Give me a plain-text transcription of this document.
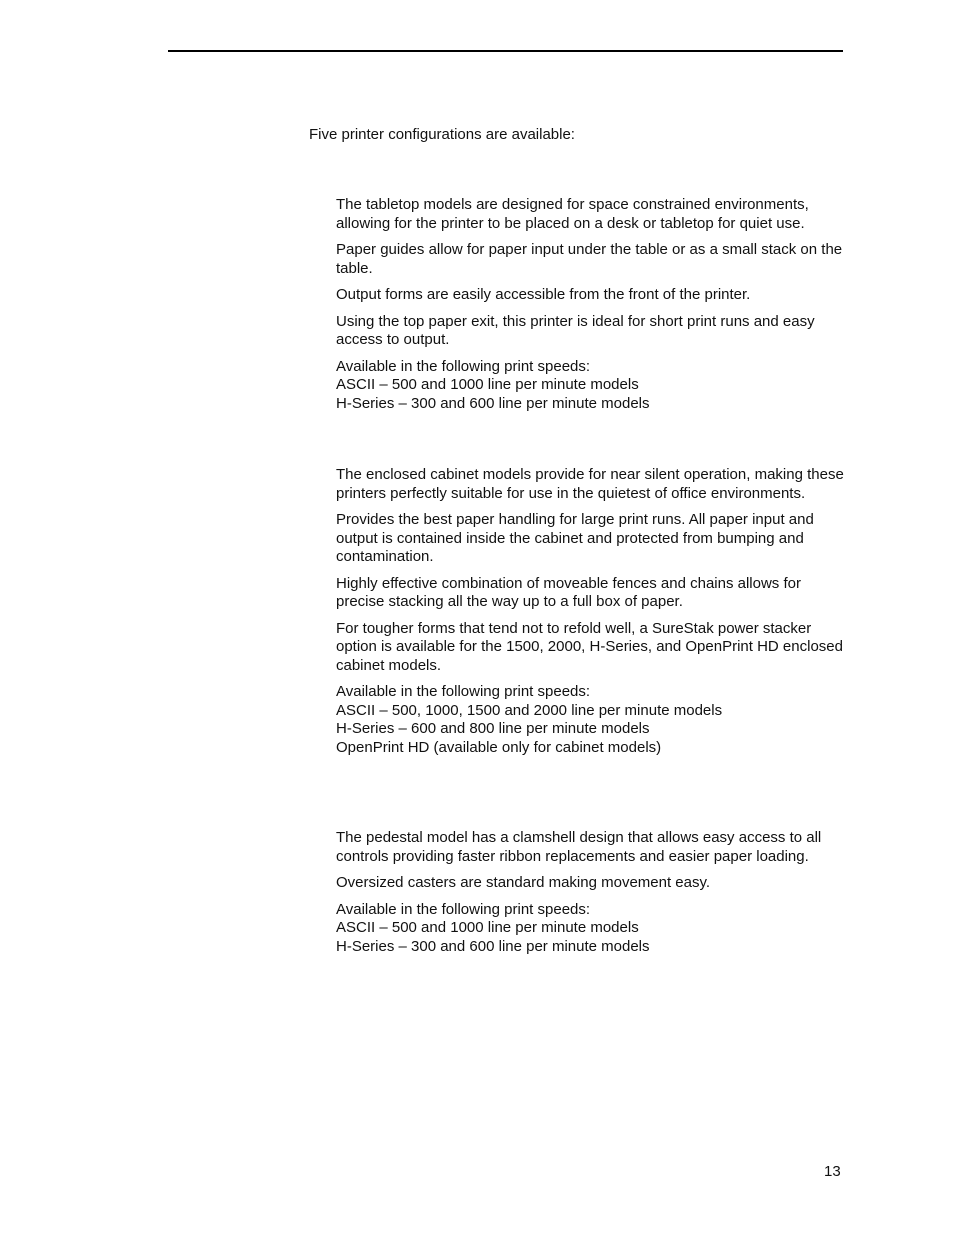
Five printer configurations are available:

The tabletop models are designed for space constrained environments, allowing for the printer to be placed on a desk or tabletop for quiet use.

Paper guides allow for paper input under the table or as a small stack on the table.

Output forms are easily accessible from the front of the printer.

Using the top paper exit, this printer is ideal for short print runs and easy access to output.

Available in the following print speeds:
ASCII – 500 and 1000 line per minute models
H-Series – 300 and 600 line per minute models

The enclosed cabinet models provide for near silent operation, making these printers perfectly suitable for use in the quietest of office environments.

Provides the best paper handling for large print runs. All paper input and output is contained inside the cabinet and protected from bumping and contamination.

Highly effective combination of moveable fences and chains allows for precise stacking all the way up to a full box of paper.

For tougher forms that tend not to refold well, a SureStak power stacker option is available for the 1500, 2000, H-Series, and OpenPrint HD enclosed cabinet models.

Available in the following print speeds:
ASCII – 500, 1000, 1500 and 2000 line per minute models
H-Series – 600 and 800 line per minute models
OpenPrint HD (available only for cabinet models)

The pedestal model has a clamshell design that allows easy access to all controls providing faster ribbon replacements and easier paper loading.

Oversized casters are standard making movement easy.

Available in the following print speeds:
ASCII – 500 and 1000 line per minute models
H-Series – 300 and 600 line per minute models

13
